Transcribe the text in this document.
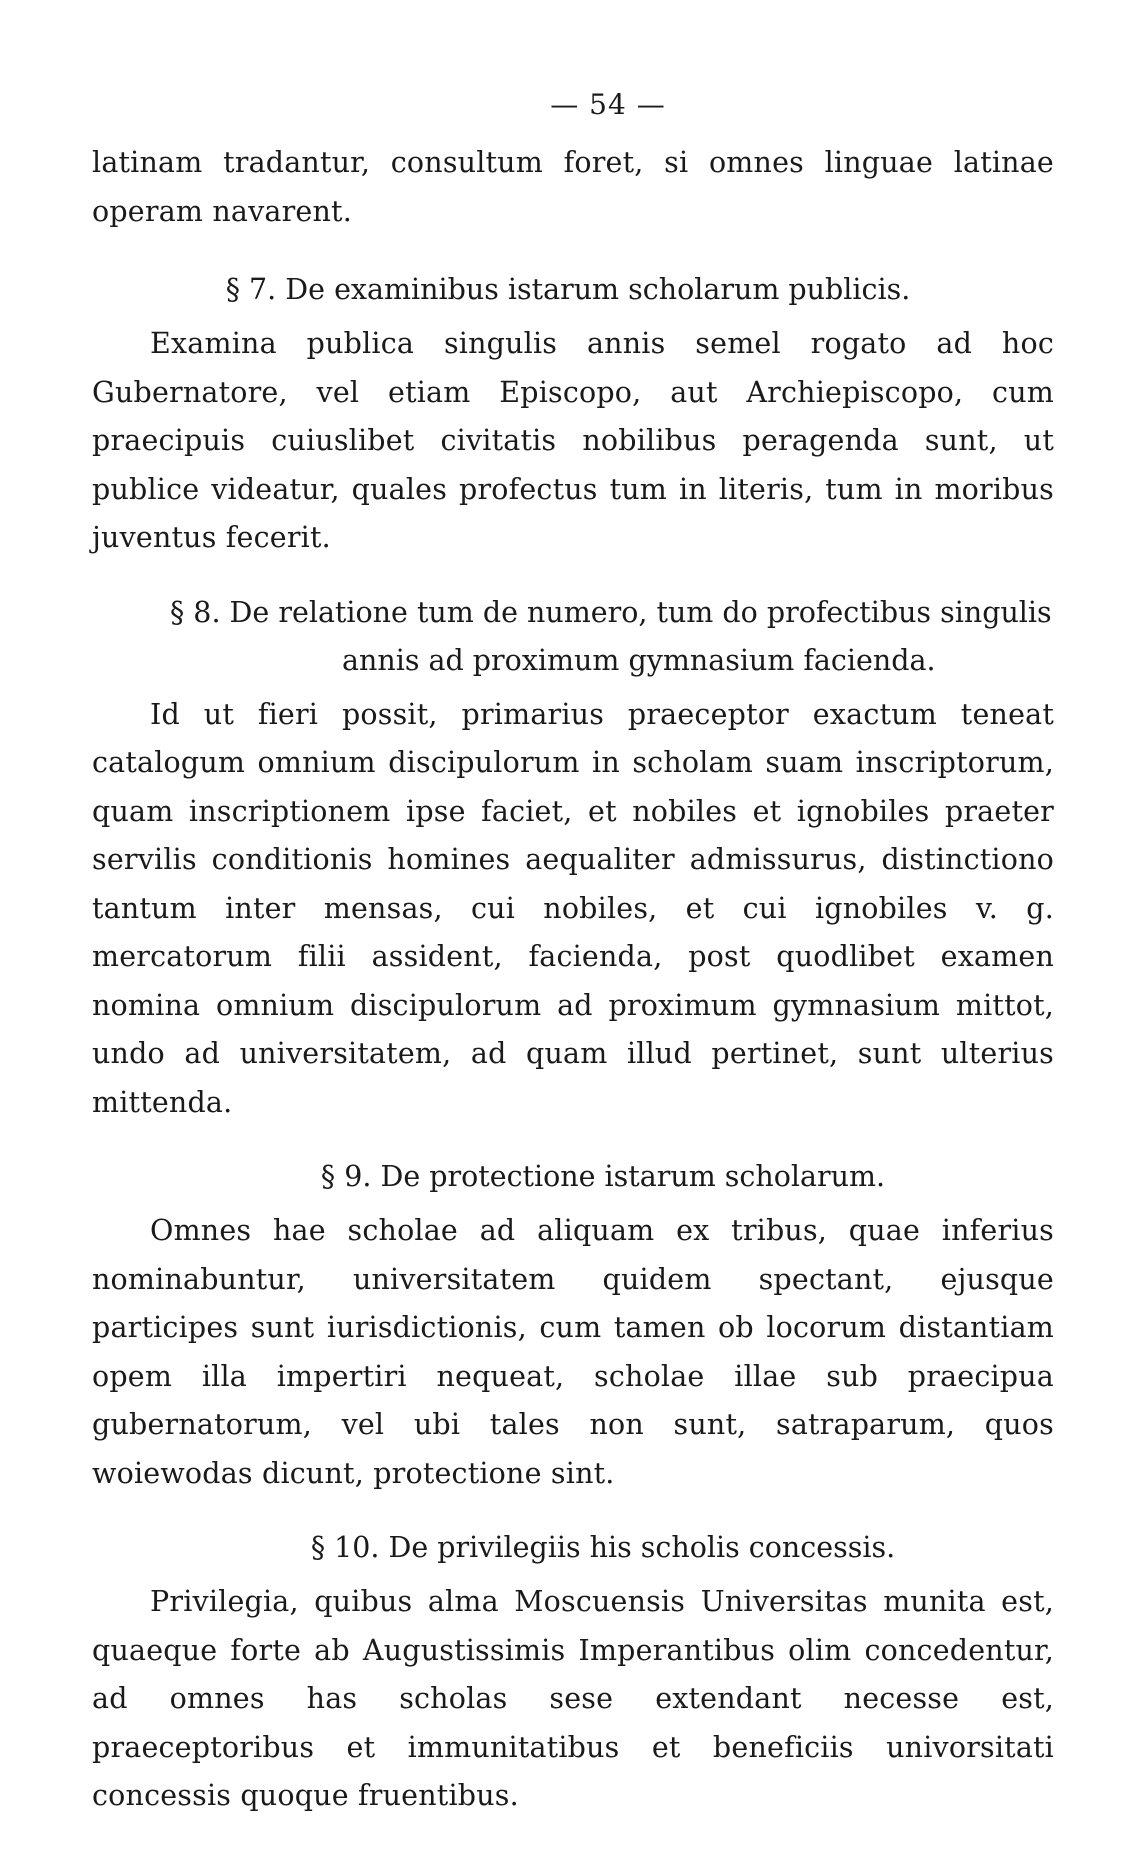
— 54 —

latinam tradantur, consultum foret, si omnes linguae latinae operam navarent.

§ 7. De examinibus istarum scholarum publicis.

Examina publica singulis annis semel rogato ad hoc Gubernatore, vel etiam Episcopo, aut Archiepiscopo, cum praecipuis cuiuslibet civitatis nobilibus peragenda sunt, ut publice videatur, quales profectus tum in literis, tum in moribus juventus fecerit.

§ 8. De relatione tum de numero, tum do profectibus singulis annis ad proximum gymnasium facienda.

Id ut fieri possit, primarius praeceptor exactum teneat catalogum omnium discipulorum in scholam suam inscriptorum, quam inscriptionem ipse faciet, et nobiles et ignobiles praeter servilis conditionis homines aequaliter admissurus, distinctiono tantum inter mensas, cui nobiles, et cui ignobiles v. g. mercatorum filii assident, facienda, post quodlibet examen nomina omnium discipulorum ad proximum gymnasium mittot, undo ad universitatem, ad quam illud pertinet, sunt ulterius mittenda.

§ 9. De protectione istarum scholarum.

Omnes hae scholae ad aliquam ex tribus, quae inferius nominabuntur, universitatem quidem spectant, ejusque participes sunt iurisdictionis, cum tamen ob locorum distantiam opem illa impertiri nequeat, scholae illae sub praecipua gubernatorum, vel ubi tales non sunt, satraparum, quos woiewodas dicunt, protectione sint.

§ 10. De privilegiis his scholis concessis.

Privilegia, quibus alma Moscuensis Universitas munita est, quaeque forte ab Augustissimis Imperantibus olim concedentur, ad omnes has scholas sese extendant necesse est, praeceptoribus et immunitatibus et beneficiis univorsitati concessis quoque fruentibus.
